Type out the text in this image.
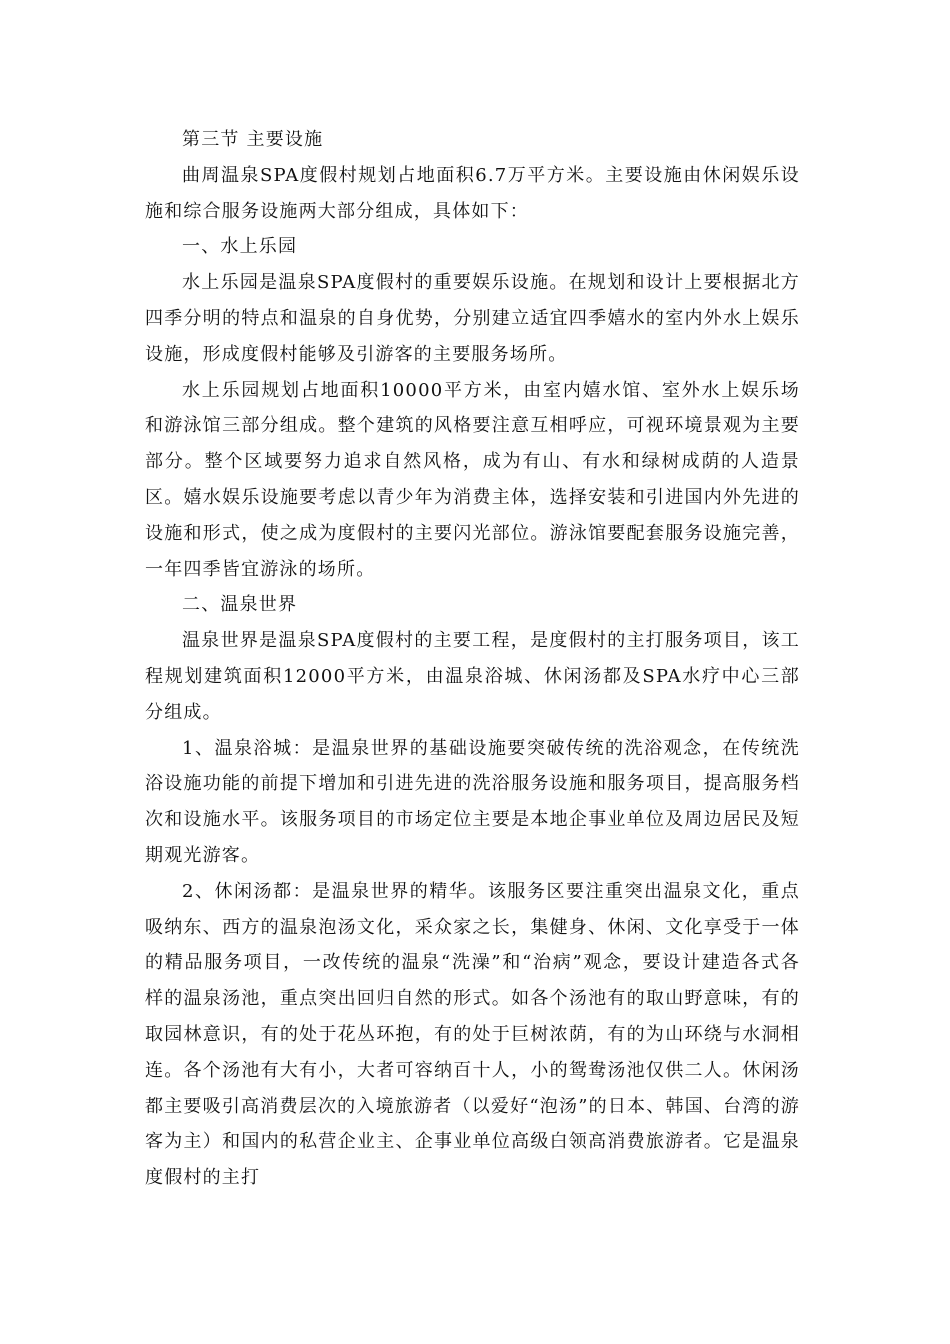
第三节 主要设施

曲周温泉SPA度假村规划占地面积6.7万平方米。主要设施由休闲娱乐设施和综合服务设施两大部分组成，具体如下：

一、水上乐园

水上乐园是温泉SPA度假村的重要娱乐设施。在规划和设计上要根据北方四季分明的特点和温泉的自身优势，分别建立适宜四季嬉水的室内外水上娱乐设施，形成度假村能够及引游客的主要服务场所。

水上乐园规划占地面积10000平方米，由室内嬉水馆、室外水上娱乐场和游泳馆三部分组成。整个建筑的风格要注意互相呼应，可视环境景观为主要部分。整个区域要努力追求自然风格，成为有山、有水和绿树成荫的人造景区。嬉水娱乐设施要考虑以青少年为消费主体，选择安装和引进国内外先进的设施和形式，使之成为度假村的主要闪光部位。游泳馆要配套服务设施完善，一年四季皆宜游泳的场所。

二、温泉世界

温泉世界是温泉SPA度假村的主要工程，是度假村的主打服务项目，该工程规划建筑面积12000平方米，由温泉浴城、休闲汤都及SPA水疗中心三部分组成。

1、温泉浴城：是温泉世界的基础设施要突破传统的洗浴观念，在传统洗浴设施功能的前提下增加和引进先进的洗浴服务设施和服务项目，提高服务档次和设施水平。该服务项目的市场定位主要是本地企事业单位及周边居民及短期观光游客。

2、休闲汤都：是温泉世界的精华。该服务区要注重突出温泉文化，重点吸纳东、西方的温泉泡汤文化，采众家之长，集健身、休闲、文化享受于一体的精品服务项目，一改传统的温泉“洗澡”和“治病”观念，要设计建造各式各样的温泉汤池，重点突出回归自然的形式。如各个汤池有的取山野意味，有的取园林意识，有的处于花丛环抱，有的处于巨树浓荫，有的为山环绕与水洞相连。各个汤池有大有小，大者可容纳百十人，小的鸳鸯汤池仅供二人。休闲汤都主要吸引高消费层次的入境旅游者（以爱好“泡汤”的日本、韩国、台湾的游客为主）和国内的私营企业主、企事业单位高级白领高消费旅游者。它是温泉度假村的主打
